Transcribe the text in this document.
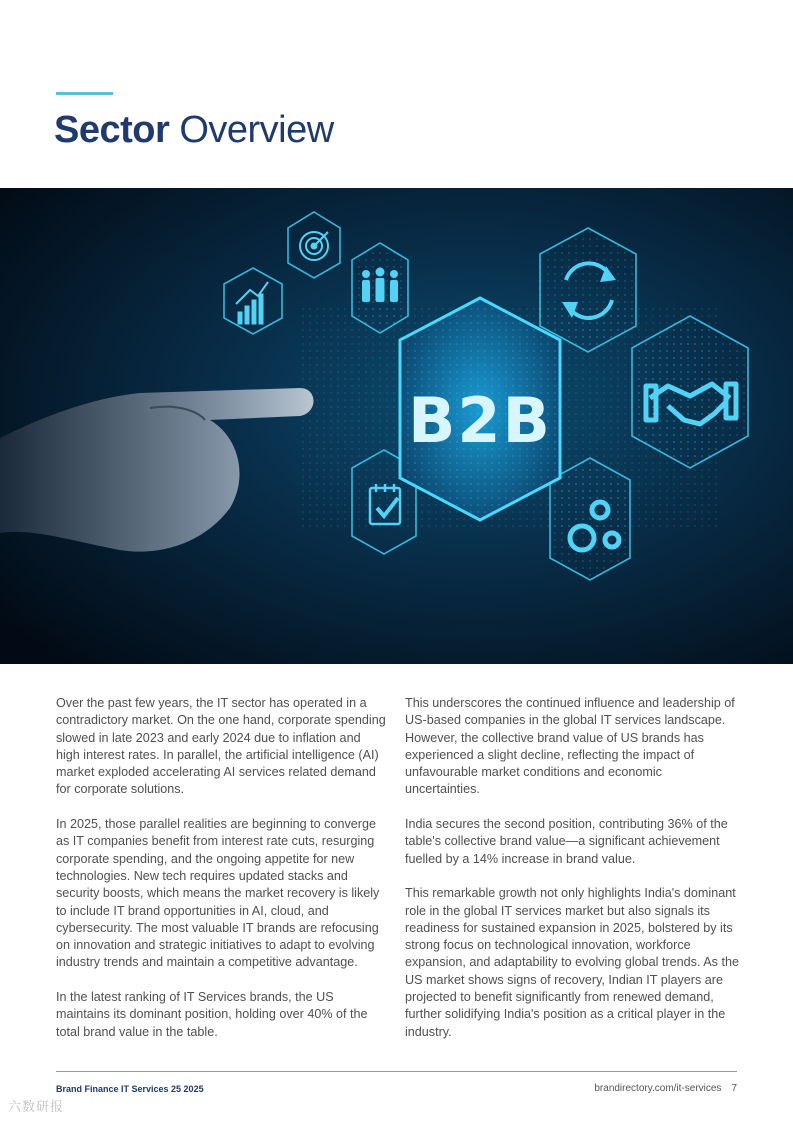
Sector Overview
B2B

Over the past few years, the IT sector has operated in a contradictory market. On the one hand, corporate spending slowed in late 2023 and early 2024 due to inflation and high interest rates. In parallel, the artificial intelligence (AI) market exploded accelerating AI services related demand for corporate solutions.

In 2025, those parallel realities are beginning to converge as IT companies benefit from interest rate cuts, resurging corporate spending, and the ongoing appetite for new technologies. New tech requires updated stacks and security boosts, which means the market recovery is likely to include IT brand opportunities in AI, cloud, and cybersecurity. The most valuable IT brands are refocusing on innovation and strategic initiatives to adapt to evolving industry trends and maintain a competitive advantage.

In the latest ranking of IT Services brands, the US maintains its dominant position, holding over 40% of the total brand value in the table.

This underscores the continued influence and leadership of US-based companies in the global IT services landscape. However, the collective brand value of US brands has experienced a slight decline, reflecting the impact of unfavourable market conditions and economic uncertainties.

India secures the second position, contributing 36% of the table's collective brand value—a significant achievement fuelled by a 14% increase in brand value.

This remarkable growth not only highlights India's dominant role in the global IT services market but also signals its readiness for sustained expansion in 2025, bolstered by its strong focus on technological innovation, workforce expansion, and adaptability to evolving global trends. As the US market shows signs of recovery, Indian IT players are projected to benefit significantly from renewed demand, further solidifying India's position as a critical player in the industry.

Brand Finance IT Services 25 2025	brandirectory.com/it-services 7
六数研报
